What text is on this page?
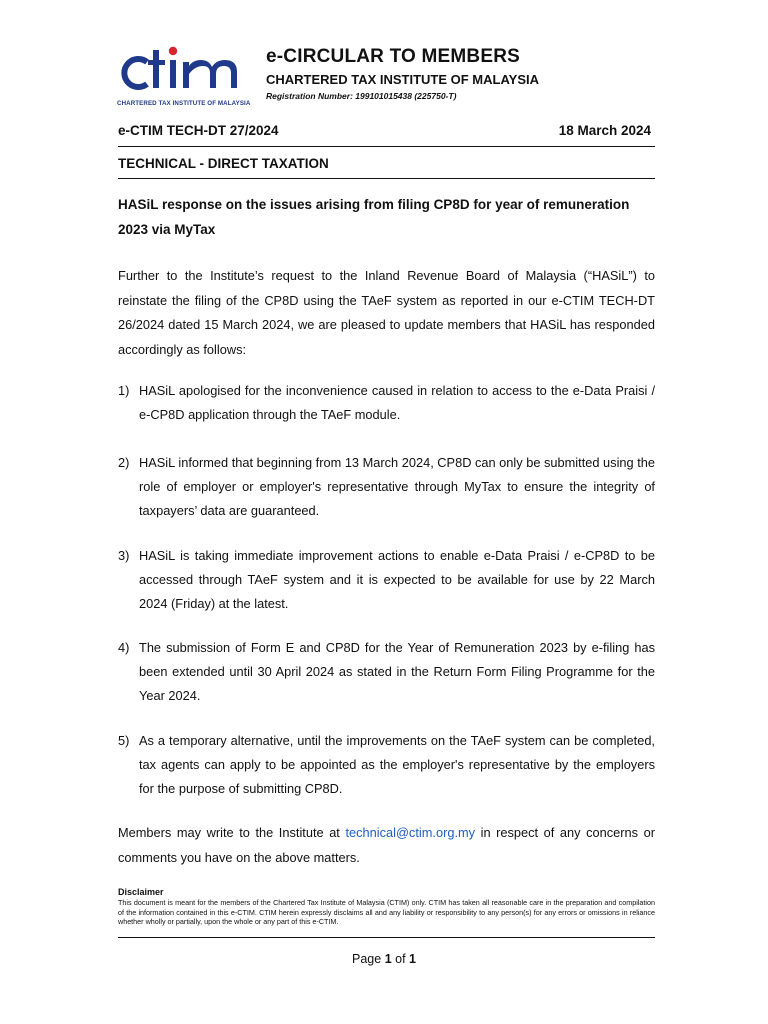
CHARTERED TAX INSTITUTE OF MALAYSIA
e-CIRCULAR TO MEMBERS
CHARTERED TAX INSTITUTE OF MALAYSIA
Registration Number: 199101015438 (225750-T)
e-CTIM TECH-DT 27/2024	18 March 2024
TECHNICAL - DIRECT TAXATION
HASiL response on the issues arising from filing CP8D for year of remuneration 2023 via MyTax
Further to the Institute’s request to the Inland Revenue Board of Malaysia (“HASiL”) to reinstate the filing of the CP8D using the TAeF system as reported in our e-CTIM TECH-DT 26/2024 dated 15 March 2024, we are pleased to update members that HASiL has responded accordingly as follows:
1) HASiL apologised for the inconvenience caused in relation to access to the e-Data Praisi / e-CP8D application through the TAeF module.
2) HASiL informed that beginning from 13 March 2024, CP8D can only be submitted using the role of employer or employer's representative through MyTax to ensure the integrity of taxpayers’ data are guaranteed.
3) HASiL is taking immediate improvement actions to enable e-Data Praisi / e-CP8D to be accessed through TAeF system and it is expected to be available for use by 22 March 2024 (Friday) at the latest.
4) The submission of Form E and CP8D for the Year of Remuneration 2023 by e-filing has been extended until 30 April 2024 as stated in the Return Form Filing Programme for the Year 2024.
5) As a temporary alternative, until the improvements on the TAeF system can be completed, tax agents can apply to be appointed as the employer's representative by the employers for the purpose of submitting CP8D.
Members may write to the Institute at technical@ctim.org.my in respect of any concerns or comments you have on the above matters.
Disclaimer
This document is meant for the members of the Chartered Tax Institute of Malaysia (CTIM) only. CTIM has taken all reasonable care in the preparation and compilation of the information contained in this e-CTIM. CTIM herein expressly disclaims all and any liability or responsibility to any person(s) for any errors or omissions in reliance whether wholly or partially, upon the whole or any part of this e-CTIM.
Page 1 of 1
